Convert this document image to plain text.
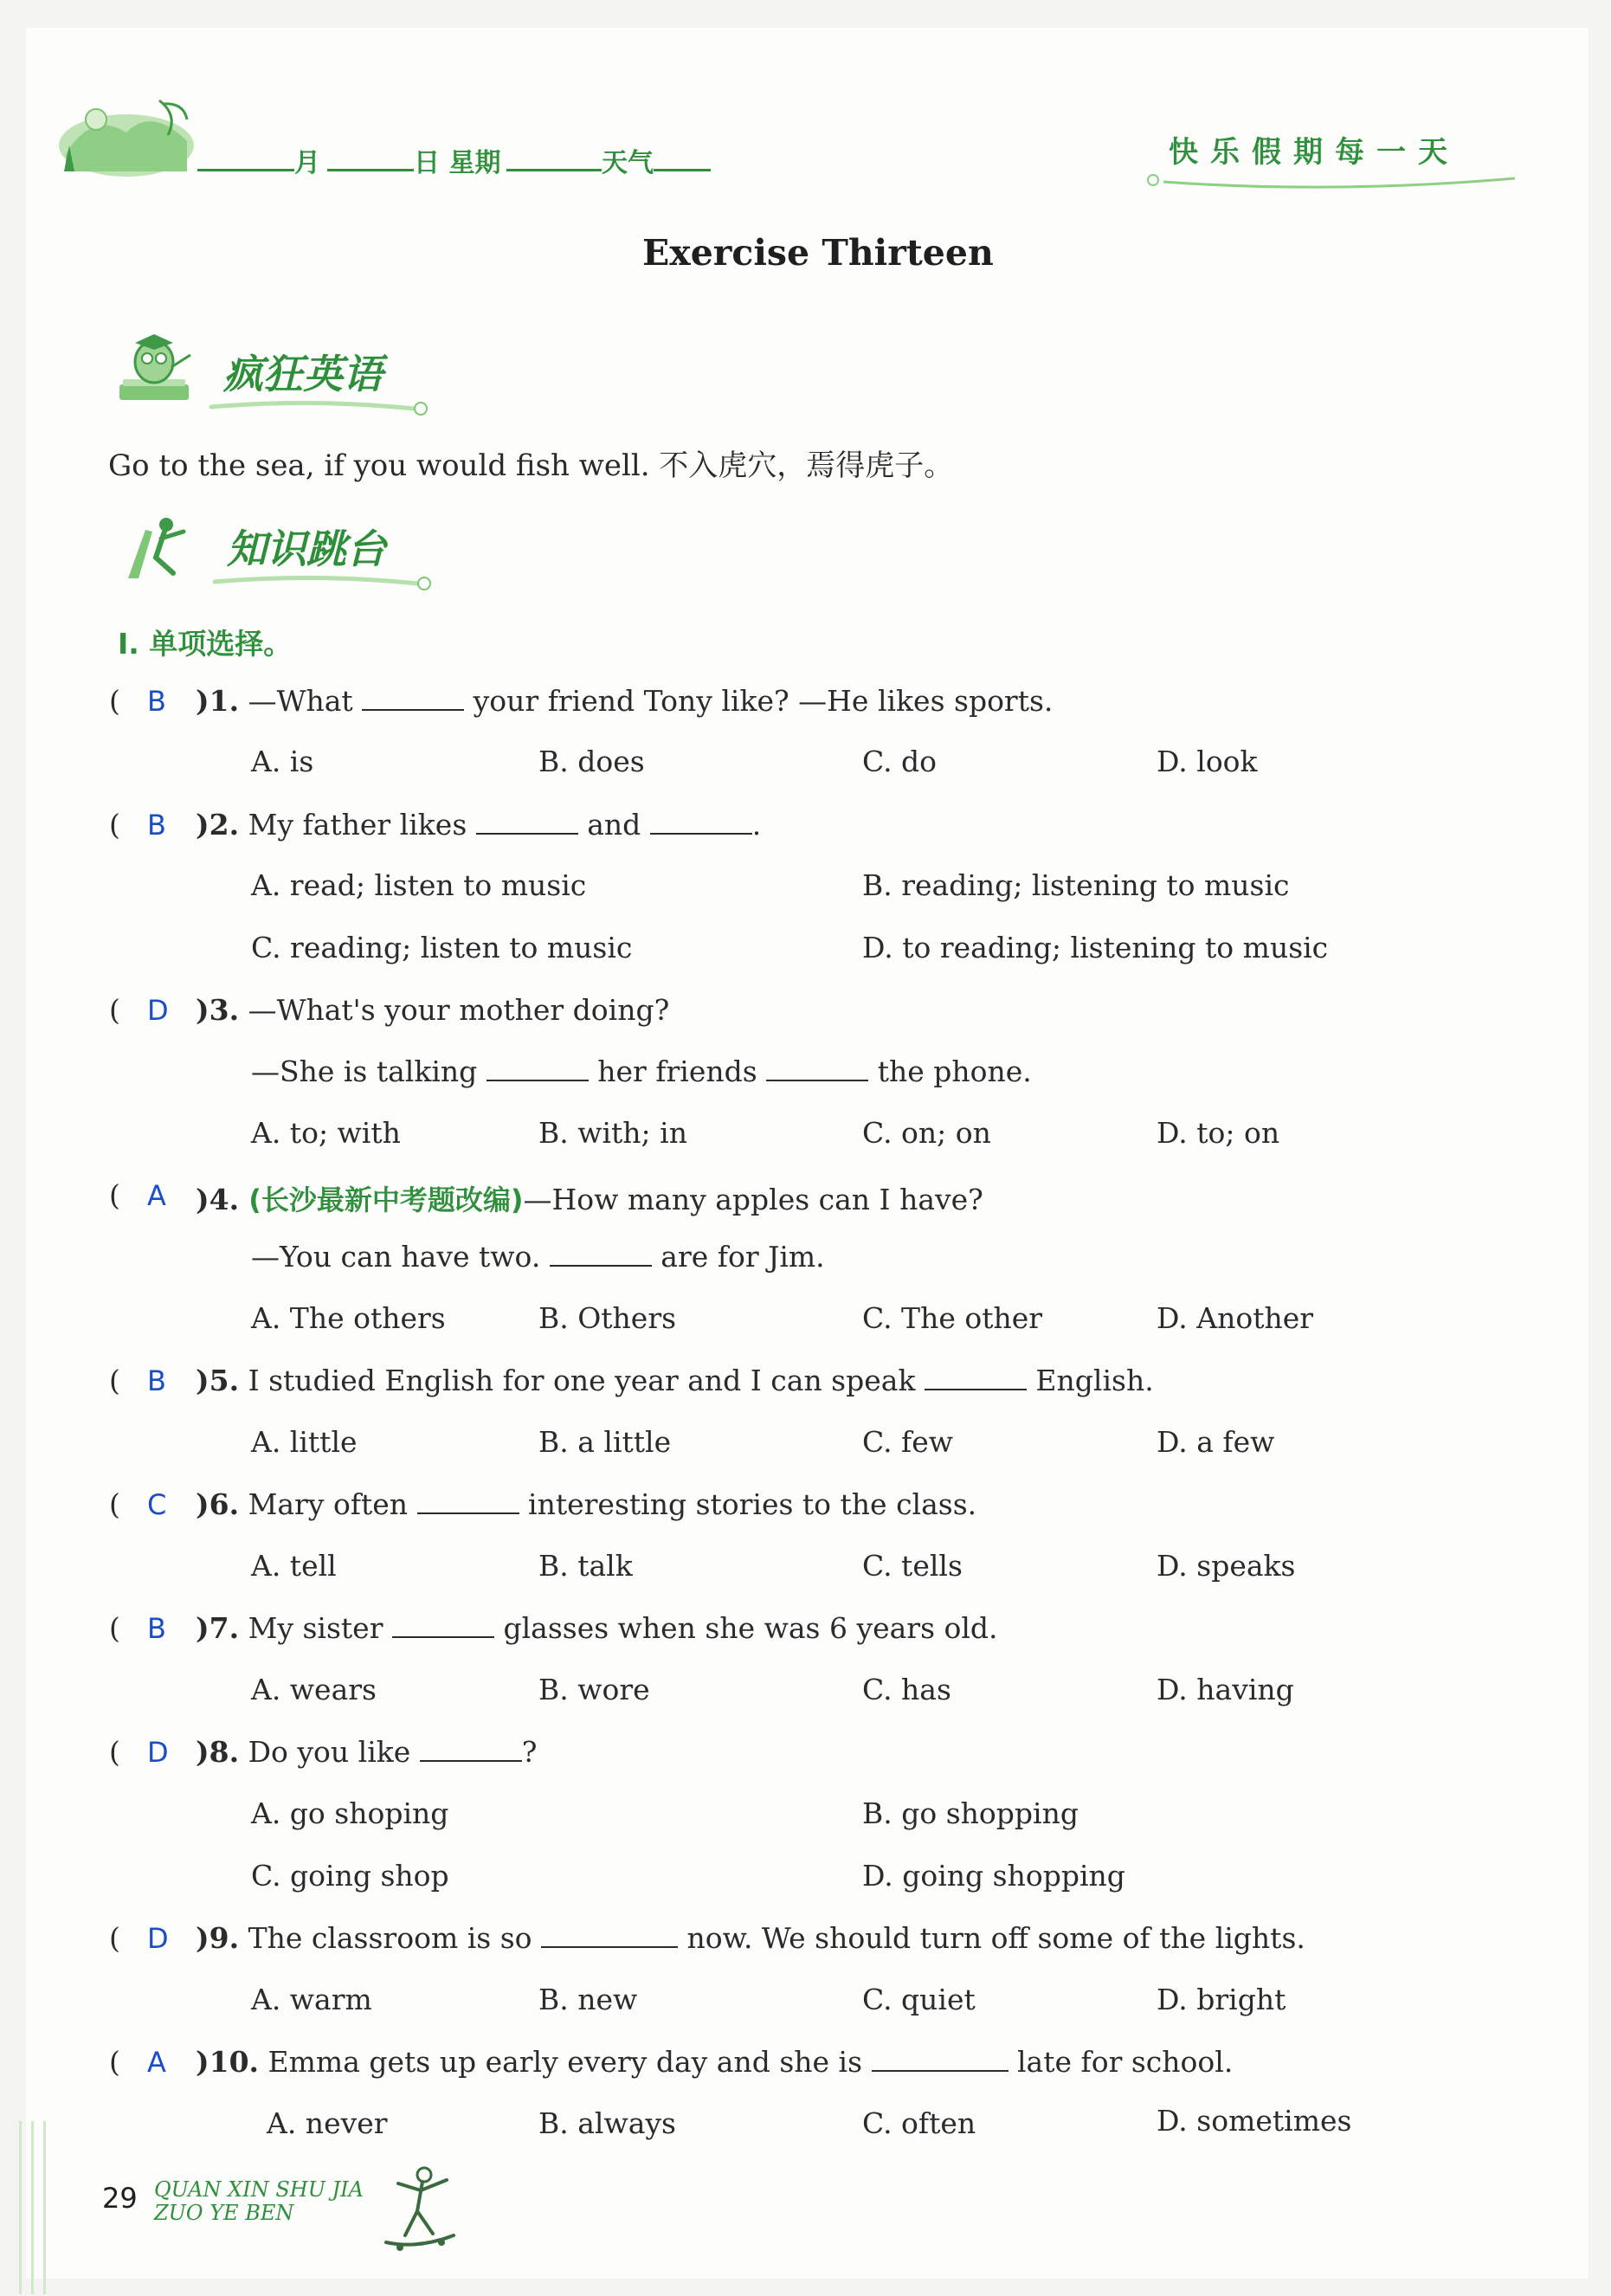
月	日 星期	天气	快乐假期每一天
Exercise Thirteen
疯狂英语
Go to the sea, if you would fish well. 不入虎穴，焉得虎子。
知识跳台
Ⅰ. 单项选择。
( B )1. —What	your friend Tony like? —He likes sports.
A. is	B. does	C. do	D. look
( B )2. My father likes	and	.
A. read; listen to music	B. reading; listening to music
C. reading; listen to music	D. to reading; listening to music
( D )3. —What's your mother doing?
—She is talking	her friends	the phone.
A. to; with	B. with; in	C. on; on	D. to; on
( A )4. (长沙最新中考题改编)—How many apples can I have?
—You can have two.	are for Jim.
A. The others	B. Others	C. The other	D. Another
( B )5. I studied English for one year and I can speak	English.
A. little	B. a little	C. few	D. a few
( C )6. Mary often	interesting stories to the class.
A. tell	B. talk	C. tells	D. speaks
( B )7. My sister	glasses when she was 6 years old.
A. wears	B. wore	C. has	D. having
( D )8. Do you like	?
A. go shoping	B. go shopping
C. going shop	D. going shopping
( D )9. The classroom is so	now. We should turn off some of the lights.
A. warm	B. new	C. quiet	D. bright
( A )10. Emma gets up early every day and she is	late for school.
A. never	B. always	C. often	D. sometimes
29 QUAN XIN SHU JIA
ZUO YE BEN
